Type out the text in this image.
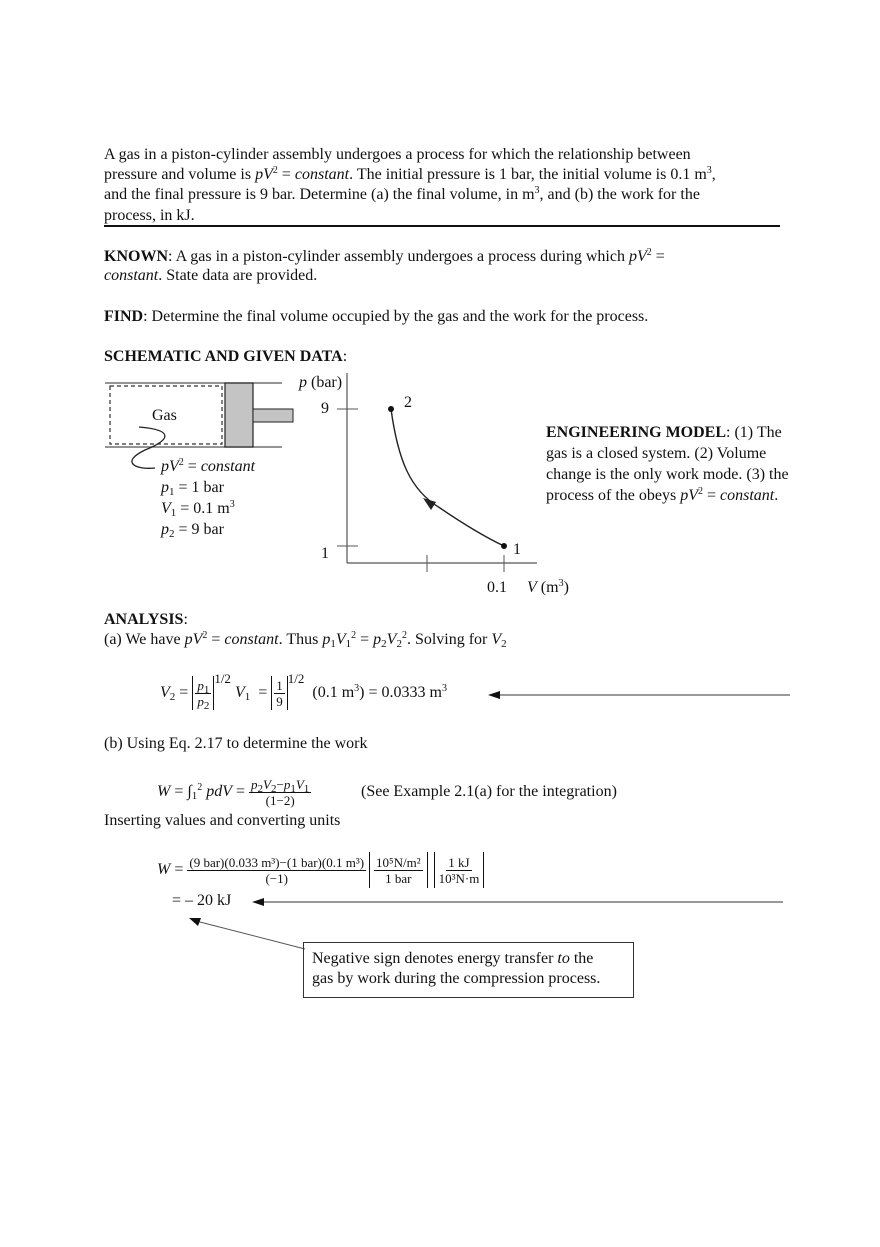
A gas in a piston-cylinder assembly undergoes a process for which the relationship between
pressure and volume is $pV^2$ = constant. The initial pressure is 1 bar, the initial volume is 0.1 $m^3$,
and the final pressure is 9 bar. Determine (a) the final volume, in $m^3$, and (b) the work for the
process, in kJ.
KNOWN: A gas in a piston-cylinder assembly undergoes a process during which $pV^2$ =
constant. State data are provided.
FIND: Determine the final volume occupied by the gas and the work for the process.
SCHEMATIC AND GIVEN DATA:
Gas
$pV^2$ = constant
$p_1 = 1$ bar
$V_1 = 0.1$ $m^3$
$p_2 = 9$ bar
p (bar)
9
1
2
1
0.1 V $(m^3)$
ENGINEERING MODEL: (1) The
gas is a closed system. (2) Volume
change is the only work mode. (3) the
process of the obeys $pV^2$ = constant.
ANALYSIS:
(a) We have $pV^2$ = constant. Thus $p_1V_1^2 = p_2V_2^2$. Solving for $V_2$
$V_2 = \frac{p_1}{p_2} ^{1/2}$ $V_1 = \frac{1}{9} ^{1/2}$  (0.1 $m^3) = 0.0333$ $m^3$
(b) Using Eq. 2.17 to determine the work
$W = \int_1^2$ pdV = $\frac{p_2V_2-p_1V_1}{(1-2)}$	(See Example 2.1(a) for the integration)
Inserting values and converting units
$W = \frac{\text{(9 bar)(0.033 m³)−(1 bar)(0.1 m³)}}{(-1)} \frac{\text{10⁵N/m²}}{\text{1 bar}} \frac{1 kJ}{\text{10³N·m}}$
= – 20 kJ
Negative sign denotes energy transfer to the
gas by work during the compression process.
